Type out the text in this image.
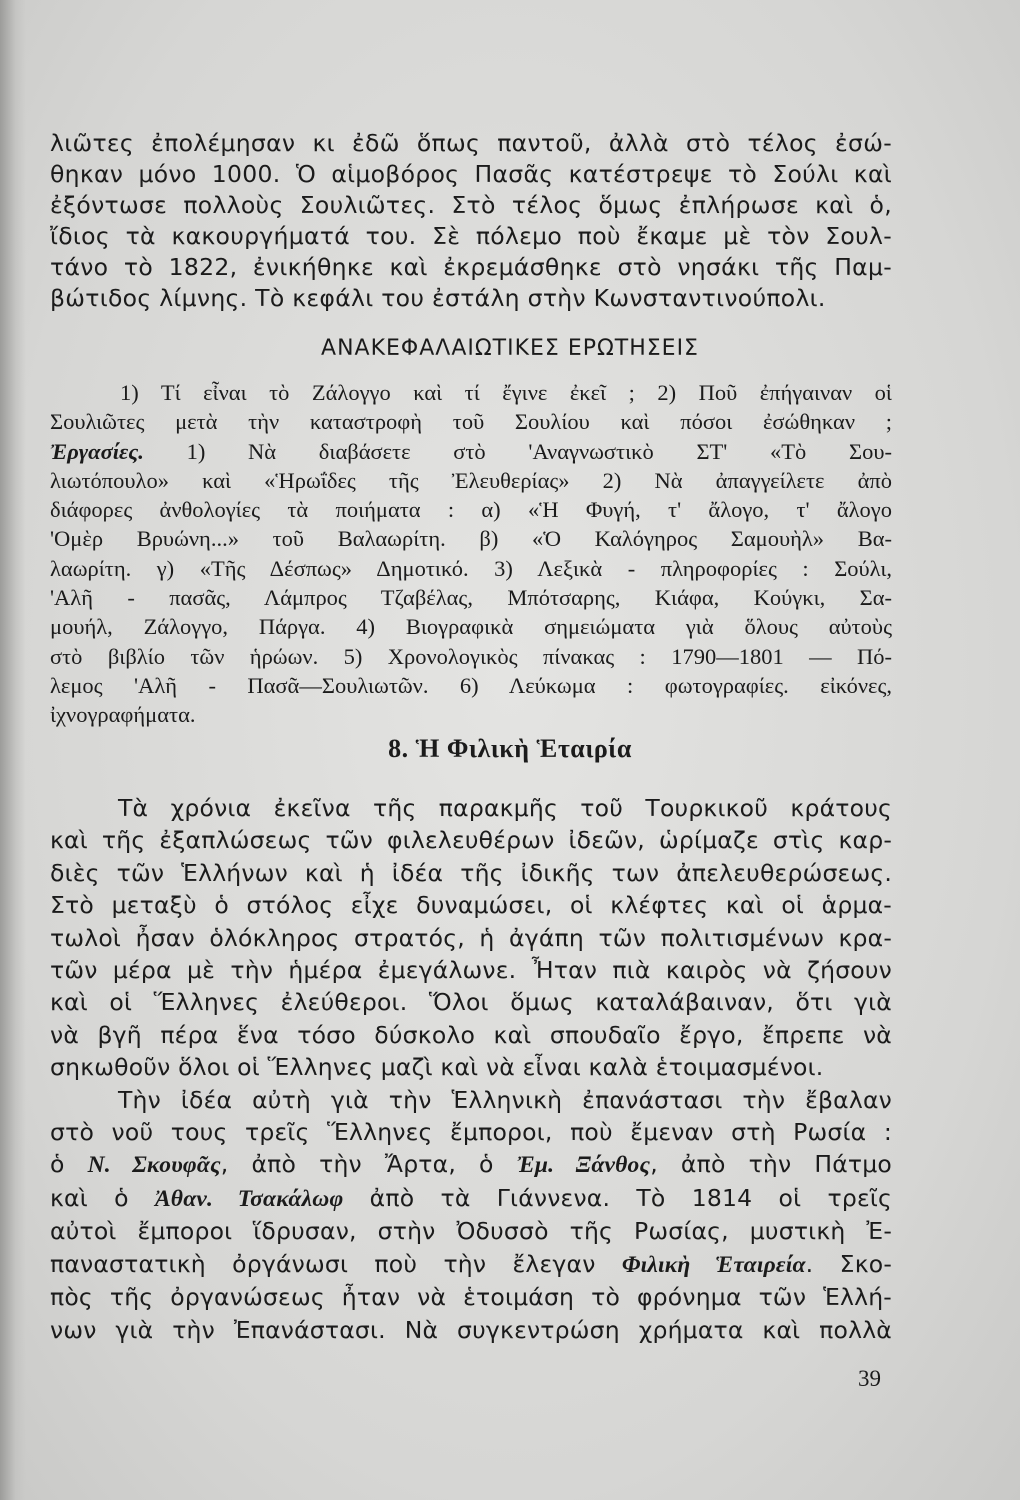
λιῶτες ἐπολέμησαν κι ἐδῶ ὅπως παντοῦ, ἀλλὰ στὸ τέλος ἐσώ-
θηκαν μόνο 1000. Ὁ αἱμοβόρος Πασᾶς κατέστρεψε τὸ Σούλι καὶ
ἐξόντωσε πολλοὺς Σουλιῶτες. Στὸ τέλος ὅμως ἐπλήρωσε καὶ ὁ,
ἴδιος τὰ κακουργήματά του. Σὲ πόλεμο ποὺ ἔκαμε μὲ τὸν Σουλ-
τάνο τὸ 1822, ἐνικήθηκε καὶ ἐκρεμάσθηκε στὸ νησάκι τῆς Παμ-
βώτιδος λίμνης. Τὸ κεφάλι του ἐστάλη στὴν Κωνσταντινούπολι.
ΑΝΑΚΕΦΑΛΑΙΩΤΙΚΕΣ ΕΡΩΤΗΣΕΙΣ
1) Τί εἶναι τὸ Ζάλογγο καὶ τί ἔγινε ἐκεῖ ; 2) Ποῦ ἐπήγαιναν οἱ
Σουλιῶτες μετὰ τὴν καταστροφὴ τοῦ Σουλίου καὶ πόσοι ἐσώθηκαν ;
Ἐργασίες. 1) Νὰ διαβάσετε στὸ 'Αναγνωστικὸ ΣΤ' «Τὸ Σου-
λιωτόπουλο» καὶ «Ἡρωΐδες τῆς Ἐλευθερίας» 2) Νὰ ἀπαγγείλετε ἀπὸ
διάφορες ἀνθολογίες τὰ ποιήματα : α) «Ἡ Φυγή, τ' ἄλογο, τ' ἄλογο
'Ομὲρ Βρυώνη...» τοῦ Βαλαωρίτη. β) «Ὁ Καλόγηρος Σαμουὴλ» Βα-
λαωρίτη. γ) «Τῆς Δέσπως» Δημοτικό. 3) Λεξικὰ - πληροφορίες : Σούλι,
'Αλῆ - πασᾶς, Λάμπρος Τζαβέλας, Μπότσαρης, Κιάφα, Κούγκι, Σα-
μουήλ, Ζάλογγο, Πάργα. 4) Βιογραφικὰ σημειώματα γιὰ ὅλους αὐτοὺς
στὸ βιβλίο τῶν ἡρώων. 5) Χρονολογικὸς πίνακας : 1790—1801 — Πό-
λεμος 'Αλῆ - Πασᾶ—Σουλιωτῶν. 6) Λεύκωμα : φωτογραφίες. εἰκόνες,
ἰχνογραφήματα.
8. Ἡ Φιλικὴ Ἑταιρία
Τὰ χρόνια ἐκεῖνα τῆς παρακμῆς τοῦ Τουρκικοῦ κράτους
καὶ τῆς ἐξαπλώσεως τῶν φιλελευθέρων ἰδεῶν, ὡρίμαζε στὶς καρ-
διὲς τῶν Ἑλλήνων καὶ ἡ ἰδέα τῆς ἰδικῆς των ἀπελευθερώσεως.
Στὸ μεταξὺ ὁ στόλος εἶχε δυναμώσει, οἱ κλέφτες καὶ οἱ ἁρμα-
τωλοὶ ἦσαν ὁλόκληρος στρατός, ἡ ἀγάπη τῶν πολιτισμένων κρα-
τῶν μέρα μὲ τὴν ἡμέρα ἐμεγάλωνε. Ἦταν πιὰ καιρὸς νὰ ζήσουν
καὶ οἱ Ἕλληνες ἐλεύθεροι. Ὅλοι ὅμως καταλάβαιναν, ὅτι γιὰ
νὰ βγῆ πέρα ἕνα τόσο δύσκολο καὶ σπουδαῖο ἔργο, ἔπρεπε νὰ
σηκωθοῦν ὅλοι οἱ Ἕλληνες μαζὶ καὶ νὰ εἶναι καλὰ ἑτοιμασμένοι.
Τὴν ἰδέα αὐτὴ γιὰ τὴν Ἑλληνικὴ ἐπανάστασι τὴν ἔβαλαν
στὸ νοῦ τους τρεῖς Ἕλληνες ἔμποροι, ποὺ ἔμεναν στὴ Ρωσία :
ὁ Ν. Σκουφᾶς, ἀπὸ τὴν Ἄρτα, ὁ Ἐμ. Ξάνθος, ἀπὸ τὴν Πάτμο
καὶ ὁ Ἀθαν. Τσακάλωφ ἀπὸ τὰ Γιάννενα. Τὸ 1814 οἱ τρεῖς
αὐτοὶ ἔμποροι ἵδρυσαν, στὴν Ὀδυσσὸ τῆς Ρωσίας, μυστικὴ Ἐ-
παναστατικὴ ὀργάνωσι ποὺ τὴν ἔλεγαν Φιλικὴ Ἑταιρεία. Σκο-
πὸς τῆς ὀργανώσεως ἦταν νὰ ἑτοιμάση τὸ φρόνημα τῶν Ἑλλή-
νων γιὰ τὴν Ἐπανάστασι. Νὰ συγκεντρώση χρήματα καὶ πολλὰ
39
